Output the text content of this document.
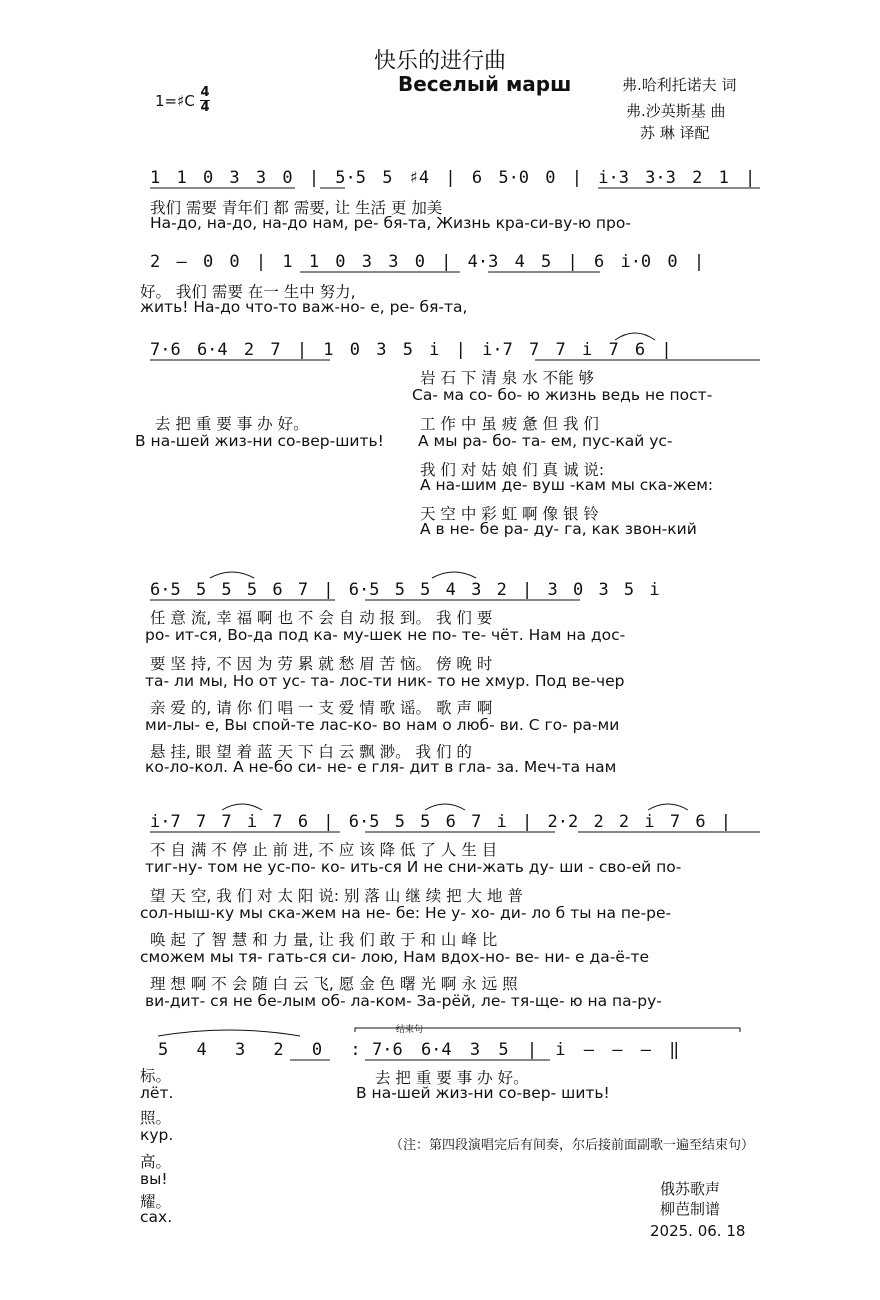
快乐的进行曲
Веселый марш
1=♯C 4
4
弗.哈利托诺夫 词
弗.沙英斯基 曲
苏 琳 译配
1 1 0 3 3 0 | 5·5 5 ♯4 | 6 5·0 0 | i·3 3·3 2 1 |
我们 需要 青年们 都 需要, 让 生活 更 加美
На-до, на-до, на-до нам, ре- бя-та, Жизнь кра-си-ву-ю про-
2 – 0 0 | 1 1 0 3 3 0 | 4·3 4 5 | 6 i·0 0 |
好。 我们 需要 在一 生中 努力,
жить! На-до что-то важ-но- е, ре- бя-та,
7·6 6·4 2 7 | 1 0 3 5 i | i·7 7 7 i 7 6 |
去 把 重 要 事 办 好。
В на-шей жиз-ни со-вер-шить!
岩 石 下 清 泉 水 不能 够
Са- ма со- бо- ю жизнь ведь не пост-
工 作 中 虽 疲 惫 但 我 们
А мы ра- бо- та- ем, пус-кай ус-
我 们 对 姑 娘 们 真 诚 说:
А на-шим де- вуш -кам мы ска-жем:
天 空 中 彩 虹 啊 像 银 铃
А в не- бе ра- ду- га, как звон-кий
6·5 5 5 5 6 7 | 6·5 5 5 4 3 2 | 3 0 3 5 i
任 意 流, 幸 福 啊 也 不 会 自 动 报 到。 我 们 要
ро- ит-ся, Во-да под ка- му-шек не по- те- чёт. Нам на дос-
要 坚 持, 不 因 为 劳 累 就 愁 眉 苦 恼。 傍 晚 时
та- ли мы, Но от ус- та- лос-ти ник- то не хмур. Под ве-чер
亲 爱 的, 请 你 们 唱 一 支 爱 情 歌 谣。 歌 声 啊
ми-лы- е, Вы спой-те лас-ко- во нам о люб- ви. С го- ра-ми
悬 挂, 眼 望 着 蓝 天 下 白 云 飘 渺。 我 们 的
ко-ло-кол. А не-бо си- не- е гля- дит в гла- за. Меч-та нам
i·7 7 7 i 7 6 | 6·5 5 5 6 7 i | 2·2 2 2 i 7 6 |
不 自 满 不 停 止 前 进, 不 应 该 降 低 了 人 生 目
тиг-ну- том не ус-по- ко- ить-ся И не сни-жать ду- ши - сво-ей по-
望 天 空, 我 们 对 太 阳 说: 别 落 山 继 续 把 大 地 普
сол-ныш-ку мы ска-жем на не- бе: Не у- хо- ди- ло б ты на пе-ре-
唤 起 了 智 慧 和 力 量, 让 我 们 敢 于 和 山 峰 比
сможем мы тя- гать-ся си- лою, Нам вдох-но- ве- ни- е да-ё-те
理 想 啊 不 会 随 白 云 飞, 愿 金 色 曙 光 啊 永 远 照
ви-дит- ся не бе-лым об- ла-ком- За-рёй, ле- тя-ще- ю на па-ру-
5 4 3 2 0 : 7·6 6·4 3 5 | i – – – ‖
结束句
去 把 重 要 事 办 好。
В на-шей жиз-ни со-вер- шить!
标。
лёт.
照。
кур.
高。
вы!
耀。
сах.
（注：第四段演唱完后有间奏，尔后接前面副歌一遍至结束句）
俄苏歌声
柳芭制谱
2025. 06. 18
